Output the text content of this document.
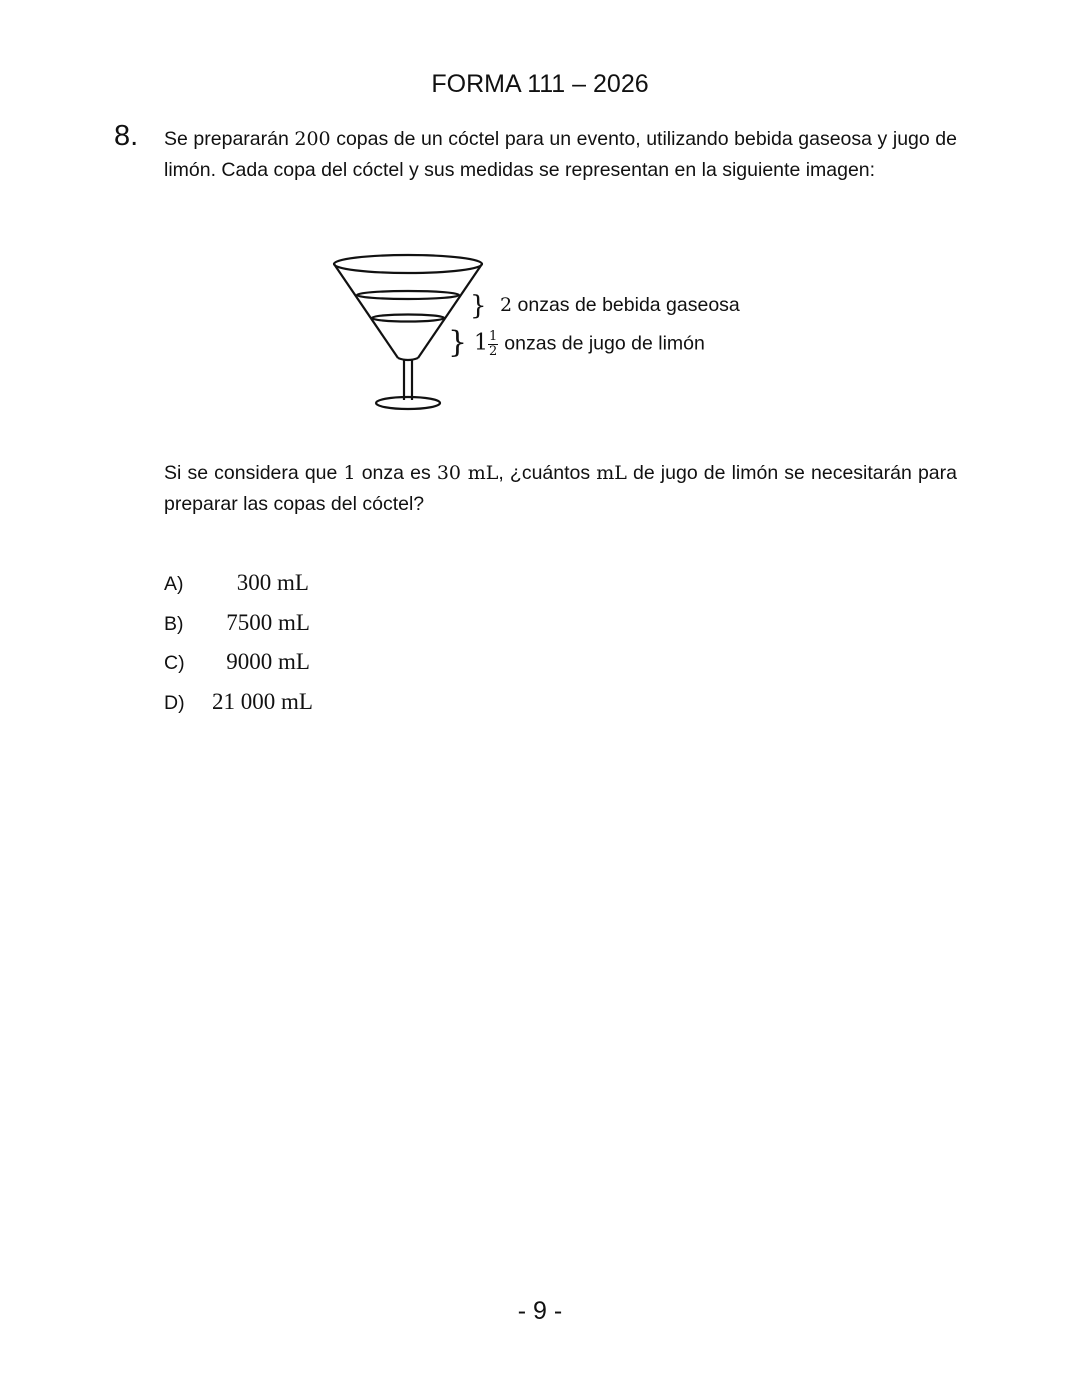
FORMA 111 – 2026
8. Se prepararán 200 copas de un cóctel para un evento, utilizando bebida gaseosa y jugo de limón. Cada copa del cóctel y sus medidas se representan en la siguiente imagen:
}
}
2 onzas de bebida gaseosa
$1 \frac{1}{2}$ onzas de jugo de limón
Si se considera que 1 onza es 30 mL, ¿cuántos mL de jugo de limón se necesitarán para preparar las copas del cóctel?
A)	300 mL
B)	7500 mL
C)	9000 mL
D)	21 000 mL
- 9 -
